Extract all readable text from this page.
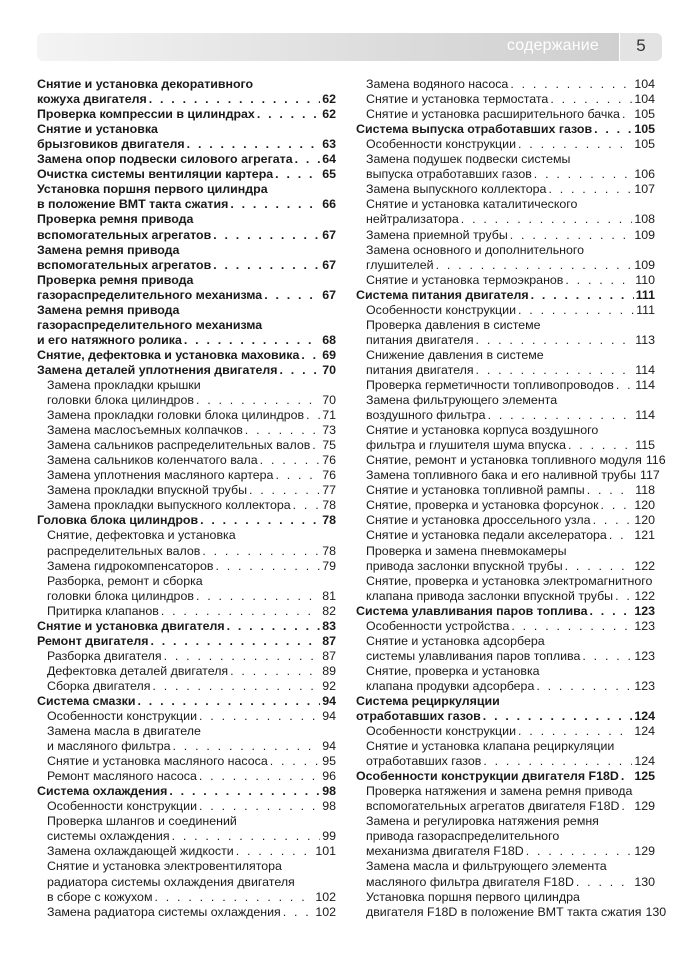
содержание	5
Снятие и установка декоративного
кожуха двигателя . . .	62
Проверка компрессии в цилиндрах . . .	62
Снятие и установка
брызговиков двигателя . . .	63
Замена опор подвески силового агрегата . . . 64
Очистка системы вентиляции картера . . .	65
Установка поршня первого цилиндра
в положение ВМТ такта сжатия . . .	66
Проверка ремня привода
вспомогательных агрегатов . . .	67
Замена ремня привода
вспомогательных агрегатов . . .	67
Проверка ремня привода
газораспределительного механизма . . .	67
Замена ремня привода
газораспределительного механизма
и его натяжного ролика . . .	68
Снятие, дефектовка и установка маховика . . . 69
Замена деталей уплотнения двигателя . . .	70
Замена прокладки крышки
головки блока цилиндров . . .	70
Замена прокладки головки блока цилиндров . . . 71
Замена маслосъемных колпачков . . .	73
Замена сальников распределительных валов . . . 75
Замена сальников коленчатого вала . . .	76
Замена уплотнения масляного картера . . .	76
Замена прокладки впускной трубы . . .	77
Замена прокладки выпускного коллектора . . .	78
Головка блока цилиндров . . .	78
Снятие, дефектовка и установка
распределительных валов . . .	78
Замена гидрокомпенсаторов . . .	79
Разборка, ремонт и сборка
головки блока цилиндров . . .	81
Притирка клапанов . . .	82
Снятие и установка двигателя . . .	83
Ремонт двигателя . . .	87
Разборка двигателя . . .	87
Дефектовка деталей двигателя . . .	89
Сборка двигателя . . .	92
Система смазки . . .	94
Особенности конструкции . . .	94
Замена масла в двигателе
и масляного фильтра . . .	94
Снятие и установка масляного насоса . . .	95
Ремонт масляного насоса . . .	96
Система охлаждения . . .	98
Особенности конструкции . . .	98
Проверка шлангов и соединений
системы охлаждения . . .	99
Замена охлаждающей жидкости . . .	101
Снятие и установка электровентилятора
радиатора системы охлаждения двигателя
в сборе с кожухом . . .	102
Замена радиатора системы охлаждения . . .	102
Замена водяного насоса . . .	104
Снятие и установка термостата . . .	104
Снятие и установка расширительного бачка . . . 105
Система выпуска отработавших газов . . .	105
Особенности конструкции . . .	105
Замена подушек подвески системы
выпуска отработавших газов . . .	106
Замена выпускного коллектора . . .	107
Снятие и установка каталитического
нейтрализатора . . .	108
Замена приемной трубы . . .	109
Замена основного и дополнительного
глушителей . . .	109
Снятие и установка термоэкранов . . .	110
Система питания двигателя . . .	111
Особенности конструкции . . .	111
Проверка давления в системе
питания двигателя . . .	113
Снижение давления в системе
питания двигателя . . .	114
Проверка герметичности топливопроводов . . . 114
Замена фильтрующего элемента
воздушного фильтра . . .	114
Снятие и установка корпуса воздушного
фильтра и глушителя шума впуска . . .	115
Снятие, ремонт и установка топливного модуля 116
Замена топливного бака и его наливной трубы 117
Снятие и установка топливной рампы . . .	118
Снятие, проверка и установка форсунок . . .	120
Снятие и установка дроссельного узла . . .	120
Снятие и установка педали акселератора . . . 121
Проверка и замена пневмокамеры
привода заслонки впускной трубы . . .	122
Снятие, проверка и установка электромагнитного
клапана привода заслонки впускной трубы . . . 122
Система улавливания паров топлива . . .	123
Особенности устройства . . .	123
Снятие и установка адсорбера
системы улавливания паров топлива . . .	123
Снятие, проверка и установка
клапана продувки адсорбера . . .	123
Система рециркуляции
отработавших газов . . .	124
Особенности конструкции . . .	124
Снятие и установка клапана рециркуляции
отработавших газов . . .	124
Особенности конструкции двигателя F18D . . . 125
Проверка натяжения и замена ремня привода
вспомогательных агрегатов двигателя F18D . . . 129
Замена и регулировка натяжения ремня
привода газораспределительного
механизма двигателя F18D . . .	129
Замена масла и фильтрующего элемента
масляного фильтра двигателя F18D . . .	130
Установка поршня первого цилиндра
двигателя F18D в положение ВМТ такта сжатия 130
